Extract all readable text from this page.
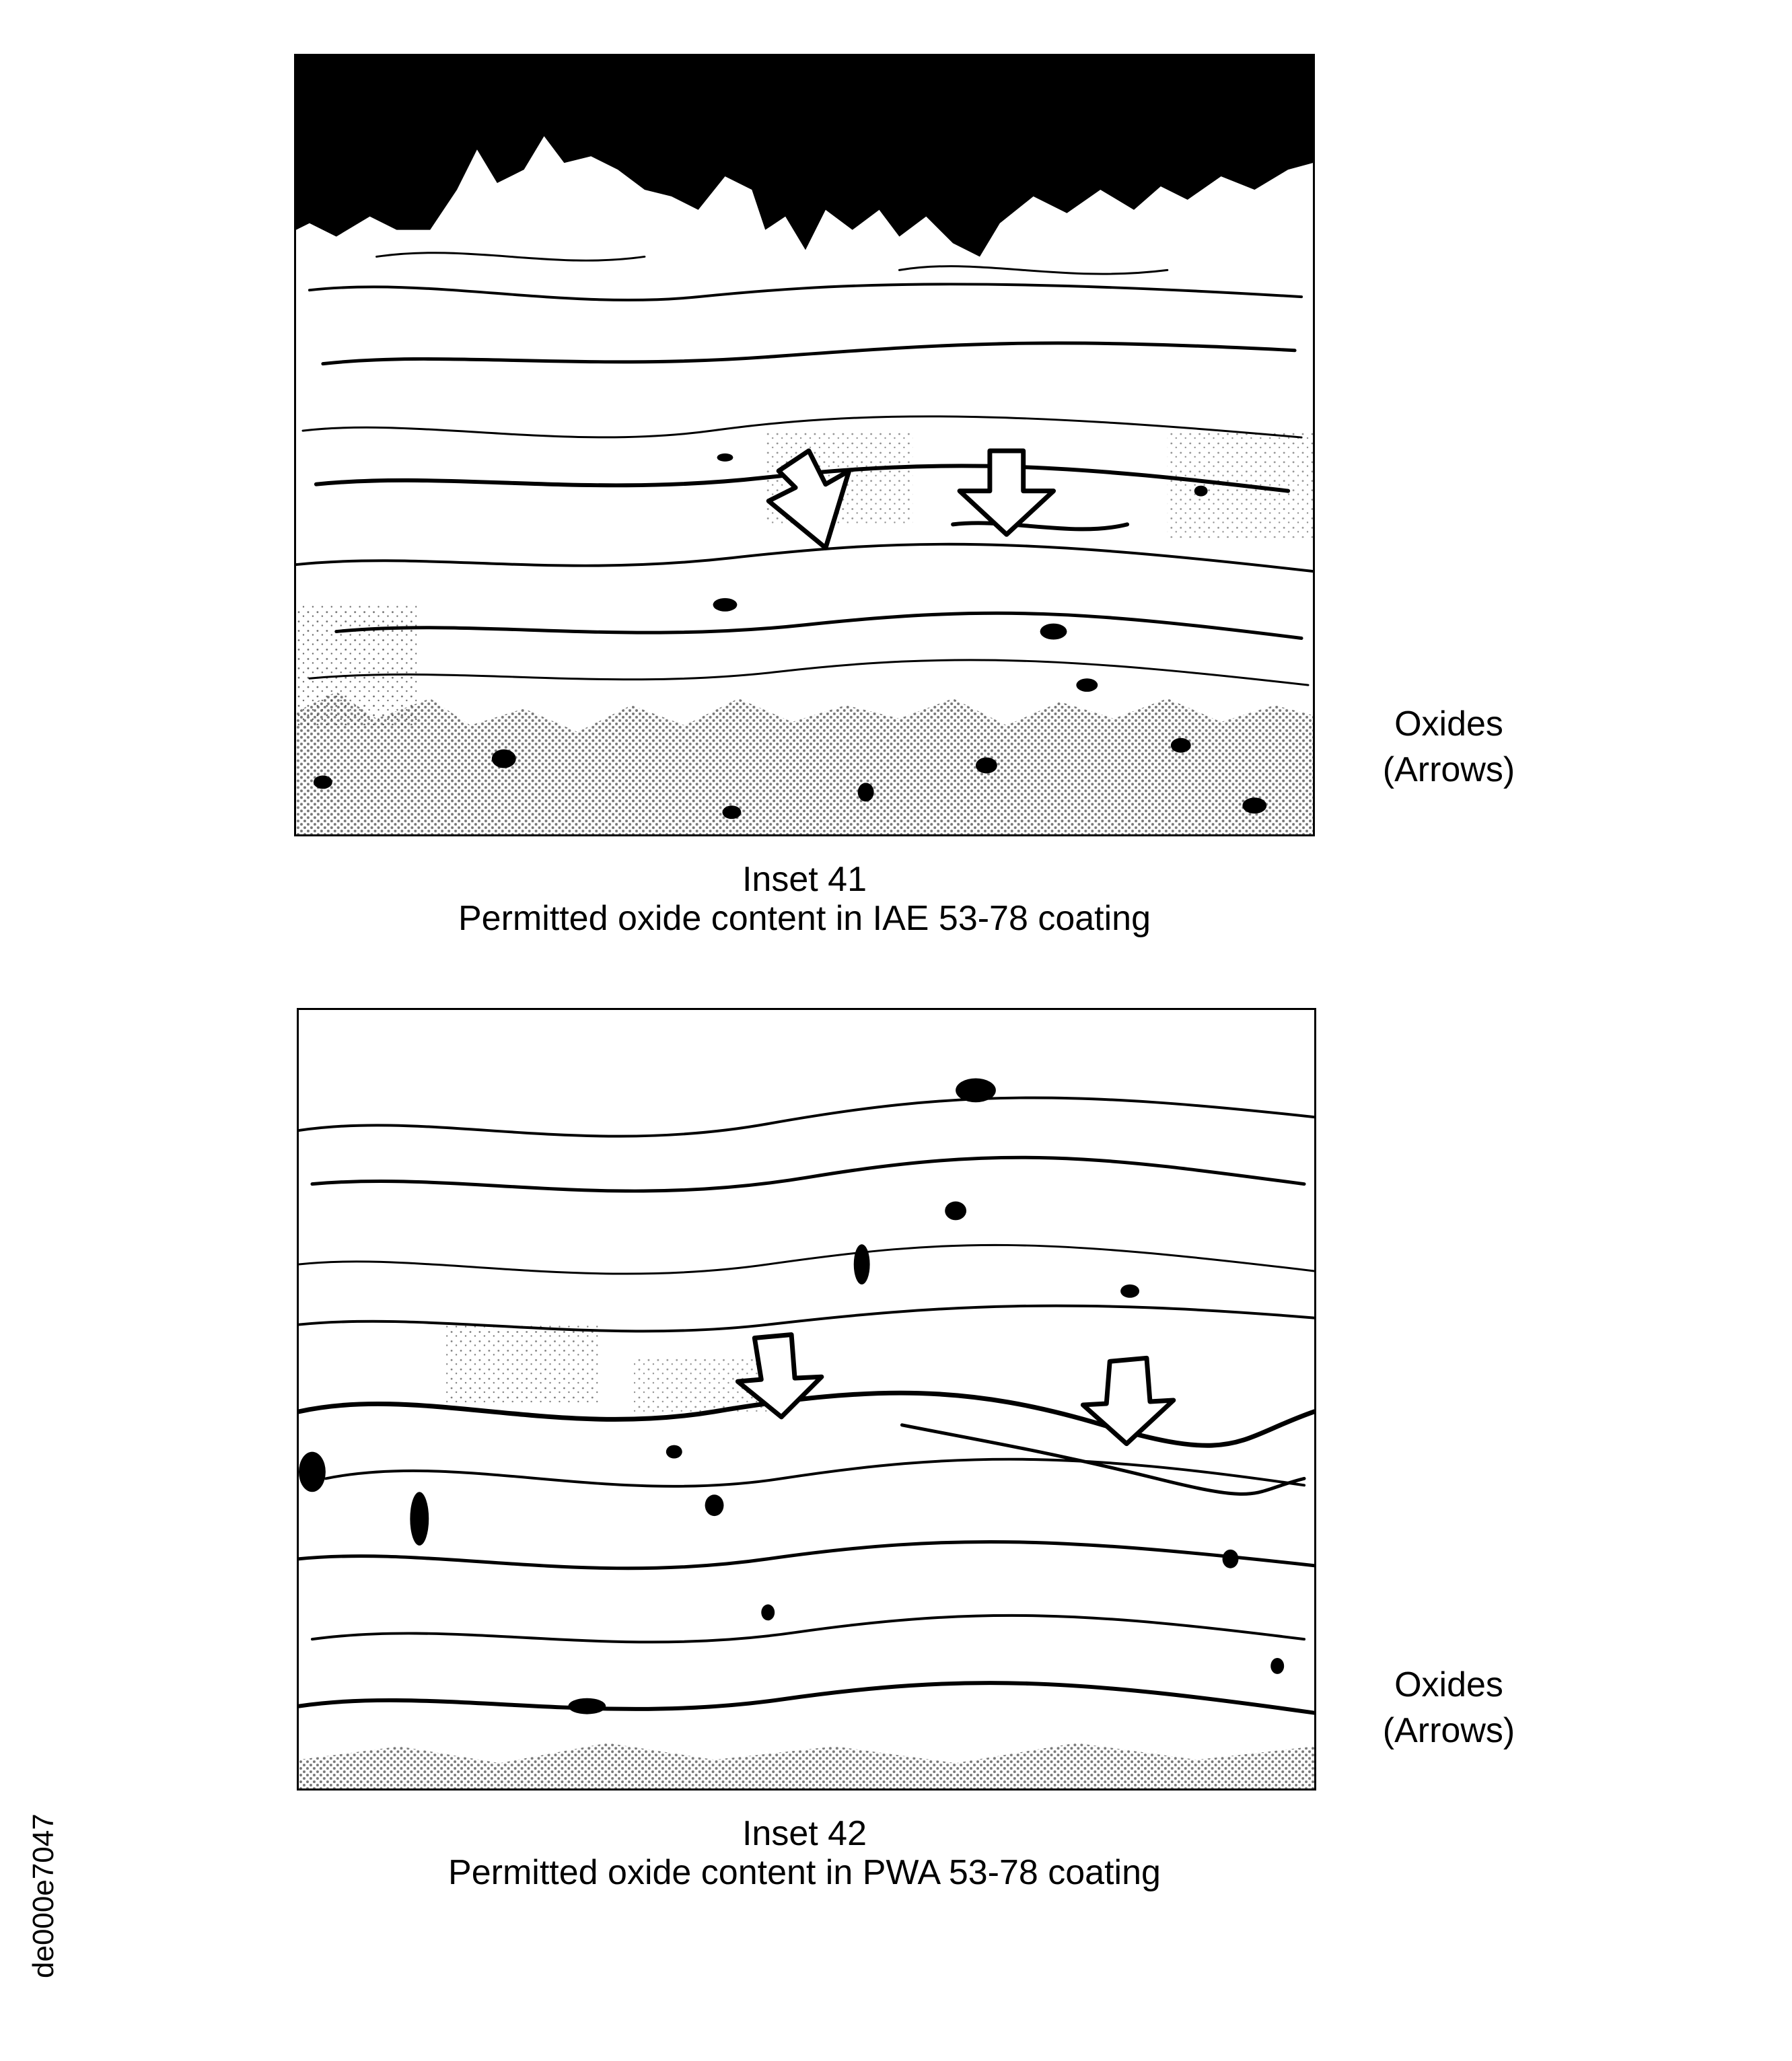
Oxides
(Arrows)
Inset 41
Permitted oxide content in IAE 53-78 coating
Oxides
(Arrows)
Inset 42
Permitted oxide content in PWA 53-78 coating
de000e7047
